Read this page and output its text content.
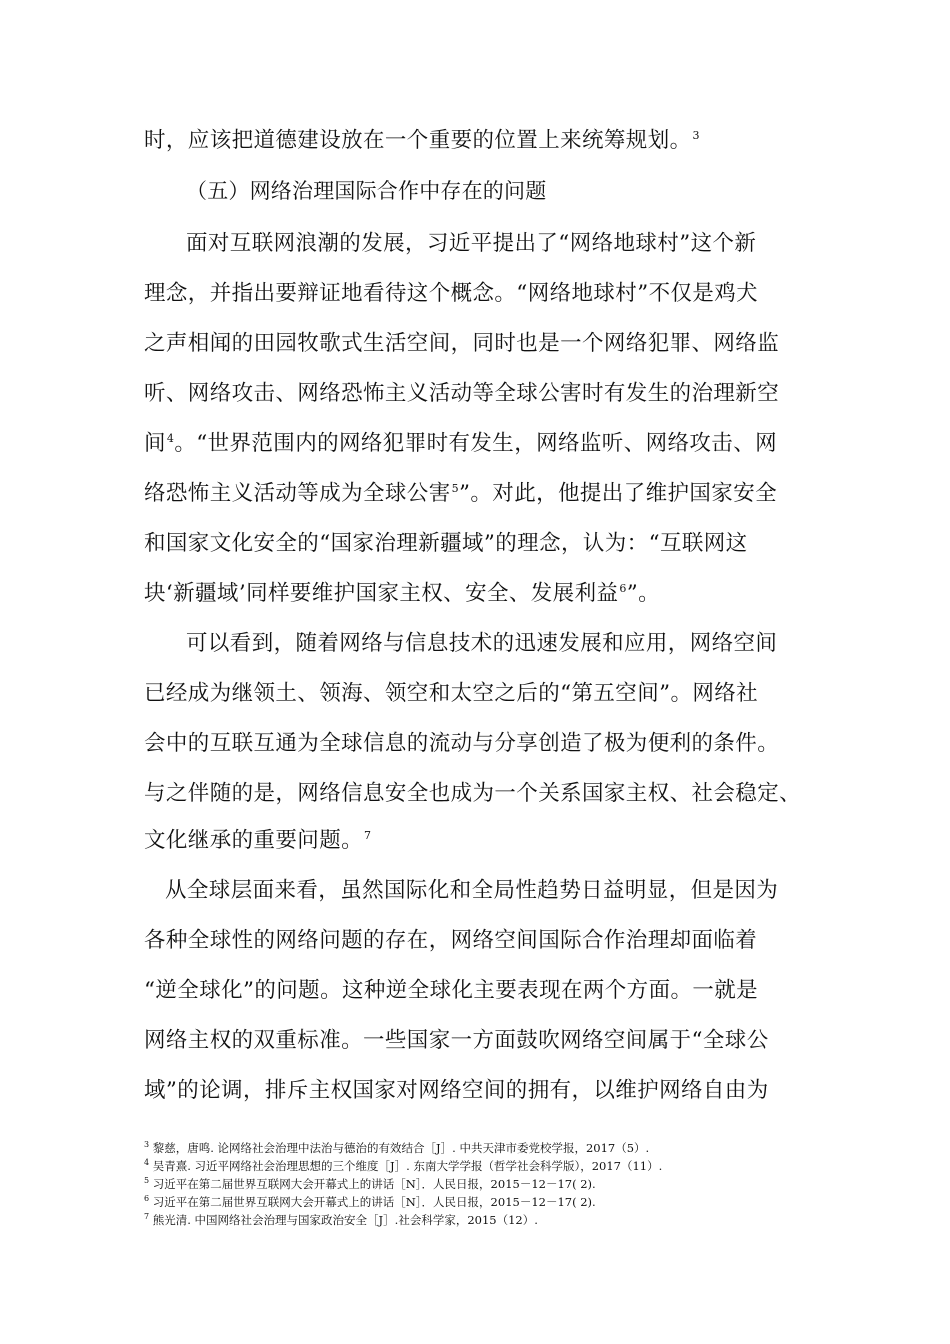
时，应该把道德建设放在一个重要的位置上来统筹规划。$^3$
（五）网络治理国际合作中存在的问题
面对互联网浪潮的发展，习近平提出了“网络地球村”这个新
理念，并指出要辩证地看待这个概念。“网络地球村”不仅是鸡犬
之声相闻的田园牧歌式生活空间，同时也是一个网络犯罪、网络监
听、网络攻击、网络恐怖主义活动等全球公害时有发生的治理新空
间$^4$。“世界范围内的网络犯罪时有发生，网络监听、网络攻击、网
络恐怖主义活动等成为全球公害$^5$”。对此，他提出了维护国家安全
和国家文化安全的“国家治理新疆域”的理念，认为：“互联网这
块‘新疆域’同样要维护国家主权、安全、发展利益$^6$”。
可以看到，随着网络与信息技术的迅速发展和应用，网络空间
已经成为继领土、领海、领空和太空之后的“第五空间”。网络社
会中的互联互通为全球信息的流动与分享创造了极为便利的条件。
与之伴随的是，网络信息安全也成为一个关系国家主权、社会稳定、
文化继承的重要问题。$^7$
从全球层面来看，虽然国际化和全局性趋势日益明显，但是因为
各种全球性的网络问题的存在，网络空间国际合作治理却面临着
“逆全球化”的问题。这种逆全球化主要表现在两个方面。一就是
网络主权的双重标准。一些国家一方面鼓吹网络空间属于“全球公
域”的论调，排斥主权国家对网络空间的拥有，以维护网络自由为
$^3$ 黎慈，唐鸣. 论网络社会治理中法治与德治的有效结合［J］. 中共天津市委党校学报，2017（5）.
$^4$ 吴青熹. 习近平网络社会治理思想的三个维度［J］. 东南大学学报（哲学社会科学版），2017（11）.
$^5$ 习近平在第二届世界互联网大会开幕式上的讲话［N］．人民日报，2015－12－17( 2).
$^6$ 习近平在第二届世界互联网大会开幕式上的讲话［N］．人民日报，2015－12－17( 2).
$^7$ 熊光清. 中国网络社会治理与国家政治安全［J］.社会科学家，2015（12）.
